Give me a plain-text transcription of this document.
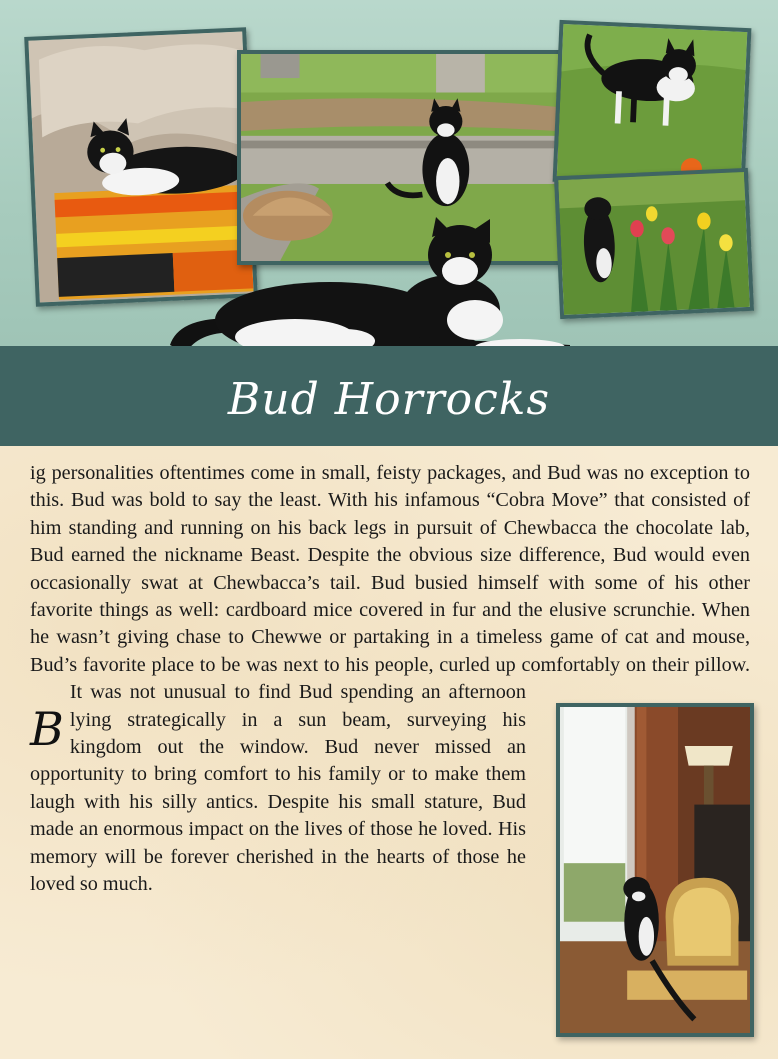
Bud Horrocks
B
ig personalities oftentimes come in small, feisty packages, and Bud was no exception to this. Bud was bold to say the least. With his infamous “Cobra Move” that consisted of him standing and running on his back legs in pursuit of Chewbacca the chocolate lab, Bud earned the nickname Beast. Despite the obvious size difference, Bud would even occasionally swat at Chewbacca’s tail. Bud busied himself with some of his other favorite things as well: cardboard mice covered in fur and the elusive scrunchie. When he wasn’t giving chase to Chewwe or partaking in a timeless game of cat and mouse, Bud’s favorite place to be was next to his people, curled up comfortably on their pillow. It was not unusual to find Bud spending an afternoon lying strategically in a sun beam, surveying his kingdom out the window. Bud never missed an opportunity to bring comfort to his family or to make them laugh with his silly antics. Despite his small stature, Bud made an enormous impact on the lives of those he loved. His memory will be forever cherished in the hearts of those he loved so much.
